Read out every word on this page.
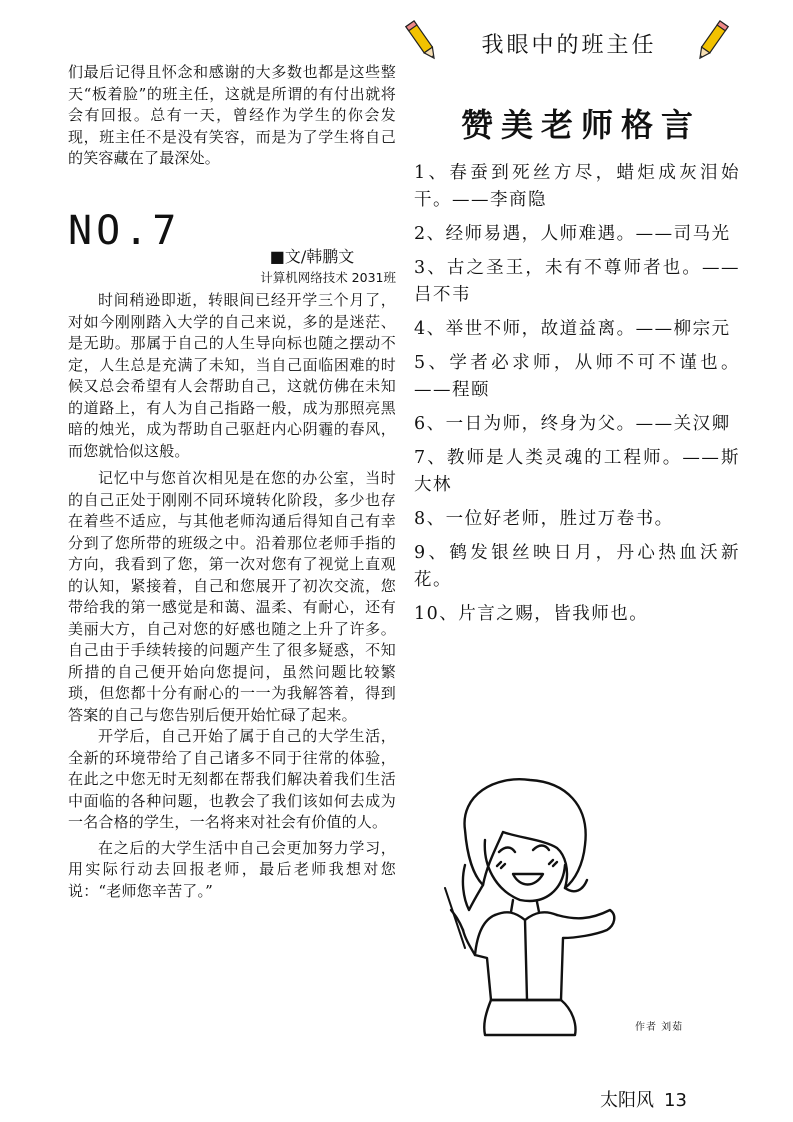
我眼中的班主任

们最后记得且怀念和感谢的大多数也都是这些整天“板着脸”的班主任，这就是所谓的有付出就将会有回报。总有一天，曾经作为学生的你会发现，班主任不是没有笑容，而是为了学生将自己的笑容藏在了最深处。

NO.7
■文/韩鹏文
计算机网络技术 2031班

时间稍逊即逝，转眼间已经开学三个月了，对如今刚刚踏入大学的自己来说，多的是迷茫、是无助。那属于自己的人生导向标也随之摆动不定，人生总是充满了未知，当自己面临困难的时候又总会希望有人会帮助自己，这就仿佛在未知的道路上，有人为自己指路一般，成为那照亮黑暗的烛光，成为帮助自己驱赶内心阴霾的春风，而您就恰似这般。

记忆中与您首次相见是在您的办公室，当时的自己正处于刚刚不同环境转化阶段，多少也存在着些不适应，与其他老师沟通后得知自己有幸分到了您所带的班级之中。沿着那位老师手指的方向，我看到了您，第一次对您有了视觉上直观的认知，紧接着，自己和您展开了初次交流，您带给我的第一感觉是和蔼、温柔、有耐心，还有美丽大方，自己对您的好感也随之上升了许多。自己由于手续转接的问题产生了很多疑惑，不知所措的自己便开始向您提问，虽然问题比较繁琐，但您都十分有耐心的一一为我解答着，得到答案的自己与您告别后便开始忙碌了起来。

开学后，自己开始了属于自己的大学生活，全新的环境带给了自己诸多不同于往常的体验，在此之中您无时无刻都在帮我们解决着我们生活中面临的各种问题，也教会了我们该如何去成为一名合格的学生，一名将来对社会有价值的人。

在之后的大学生活中自己会更加努力学习，用实际行动去回报老师，最后老师我想对您说：“老师您辛苦了。”

赞美老师格言
1、春蚕到死丝方尽，蜡炬成灰泪始干。——李商隐
2、经师易遇，人师难遇。——司马光
3、古之圣王，未有不尊师者也。——吕不韦
4、举世不师，故道益离。——柳宗元
5、学者必求师，从师不可不谨也。——程颐
6、一日为师，终身为父。——关汉卿
7、教师是人类灵魂的工程师。——斯大林
8、一位好老师，胜过万卷书。
9、鹤发银丝映日月，丹心热血沃新花。
10、片言之赐，皆我师也。
作者 刘茹
太阳风 13
